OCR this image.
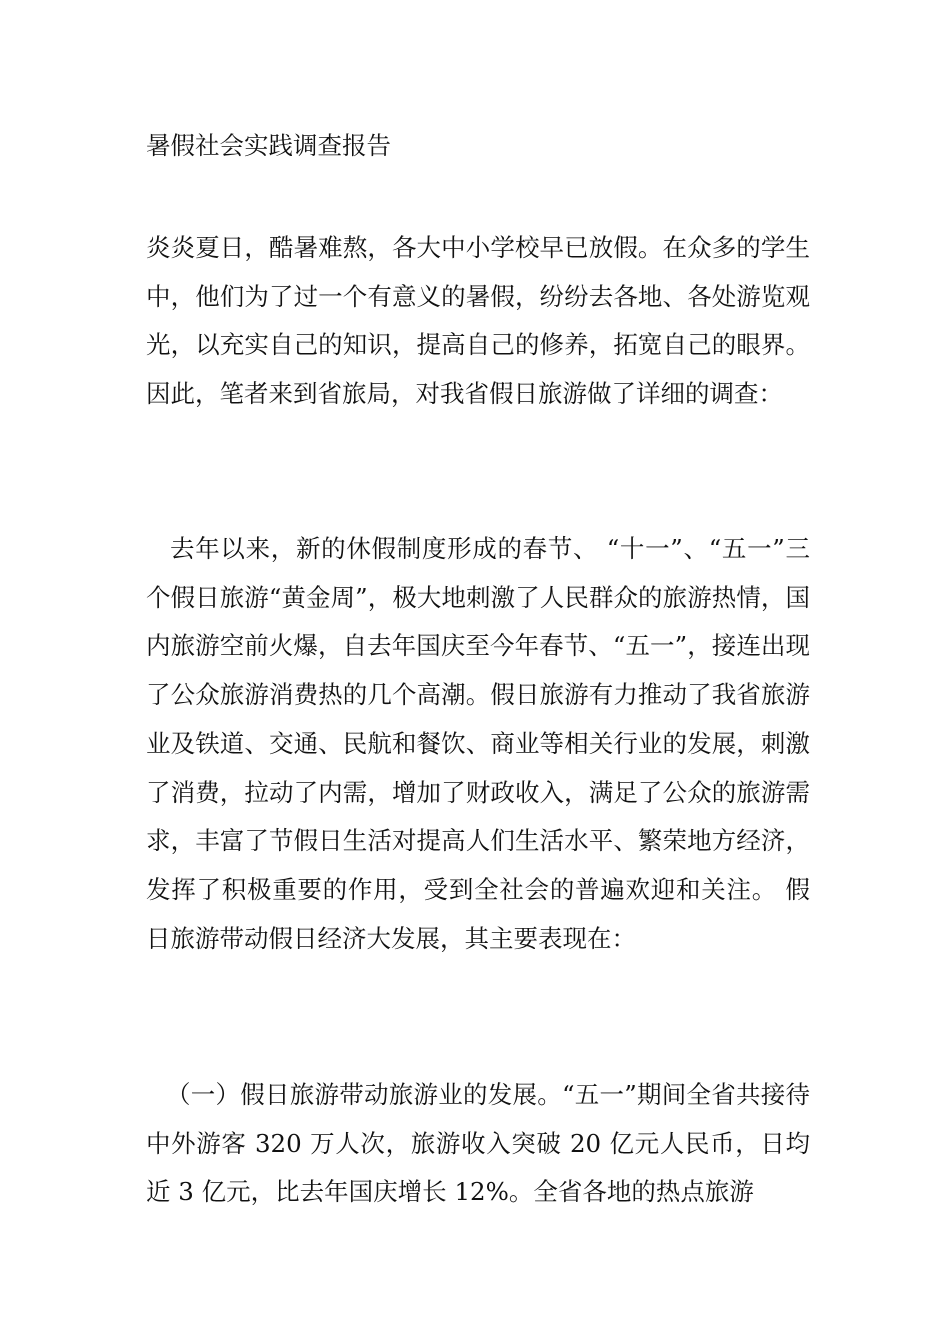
暑假社会实践调查报告

炎炎夏日，酷暑难熬，各大中小学校早已放假。在众多的学生中，他们为了过一个有意义的暑假，纷纷去各地、各处游览观光，以充实自己的知识，提高自己的修养，拓宽自己的眼界。因此，笔者来到省旅局，对我省假日旅游做了详细的调查：

去年以来，新的休假制度形成的春节、 “十一”、“五一”三个假日旅游“黄金周”，极大地刺激了人民群众的旅游热情，国内旅游空前火爆，自去年国庆至今年春节、“五一”，接连出现了公众旅游消费热的几个高潮。假日旅游有力推动了我省旅游业及铁道、交通、民航和餐饮、商业等相关行业的发展，刺激了消费，拉动了内需，增加了财政收入，满足了公众的旅游需求，丰富了节假日生活对提高人们生活水平、繁荣地方经济，发挥了积极重要的作用，受到全社会的普遍欢迎和关注。 假日旅游带动假日经济大发展，其主要表现在：

（一）假日旅游带动旅游业的发展。“五一”期间全省共接待中外游客 320 万人次，旅游收入突破 20 亿元人民币，日均近 3 亿元，比去年国庆增长 12%。全省各地的热点旅游
